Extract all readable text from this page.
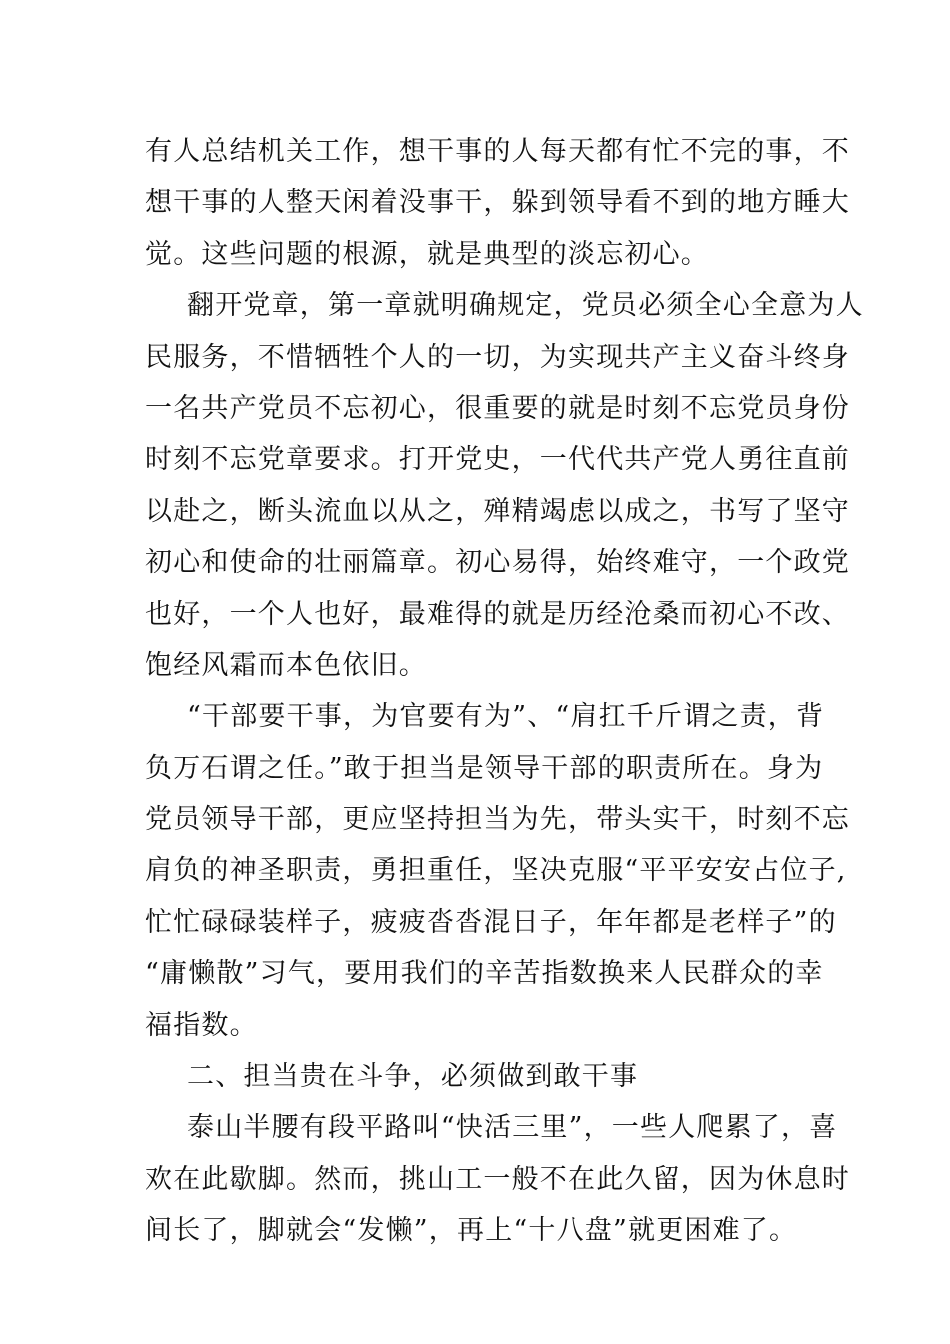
有人总结机关工作，想干事的人每天都有忙不完的事，不
想干事的人整天闲着没事干，躲到领导看不到的地方睡大
觉。这些问题的根源，就是典型的淡忘初心。
翻开党章，第一章就明确规定，党员必须全心全意为人
民服务，不惜牺牲个人的一切，为实现共产主义奋斗终身
一名共产党员不忘初心，很重要的就是时刻不忘党员身份
时刻不忘党章要求。打开党史，一代代共产党人勇往直前
以赴之，断头流血以从之，殚精竭虑以成之，书写了坚守
初心和使命的壮丽篇章。初心易得，始终难守，一个政党
也好，一个人也好，最难得的就是历经沧桑而初心不改、
饱经风霜而本色依旧。
“干部要干事，为官要有为”、“肩扛千斤谓之责，背
负万石谓之任。”敢于担当是领导干部的职责所在。身为
党员领导干部，更应坚持担当为先，带头实干，时刻不忘
肩负的神圣职责，勇担重任，坚决克服“平平安安占位子,
忙忙碌碌装样子，疲疲沓沓混日子，年年都是老样子”的
“庸懒散”习气，要用我们的辛苦指数换来人民群众的幸
福指数。
二、担当贵在斗争，必须做到敢干事
泰山半腰有段平路叫“快活三里”，一些人爬累了，喜
欢在此歇脚。然而，挑山工一般不在此久留，因为休息时
间长了，脚就会“发懒”，再上“十八盘”就更困难了。
